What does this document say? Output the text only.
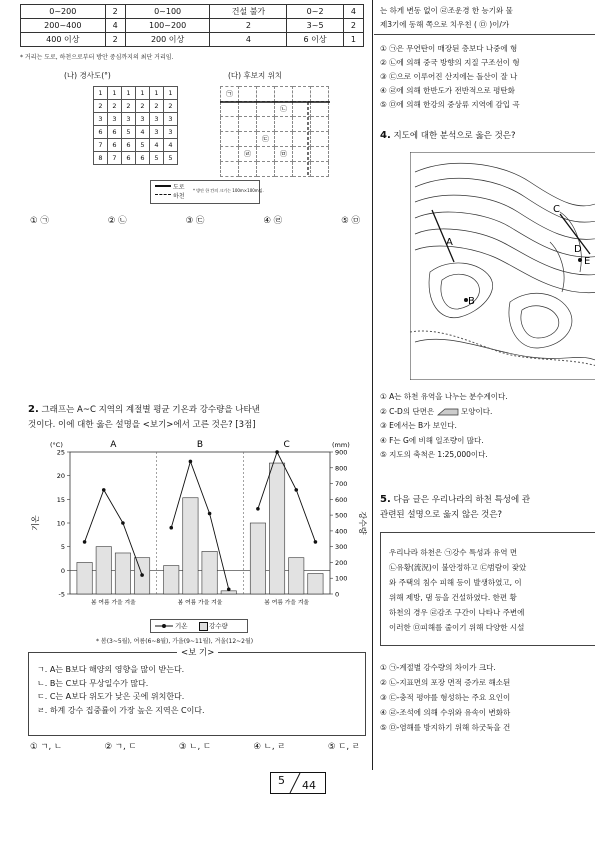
0~200	2	0~100	건설 불가	0~2	4
200~400	4	100~200	2	3~5	2
400 이상	2	200 이상	4	6 이상	1
* 거리는 도로, 하천으로부터 방안 중심까지의 최단 거리임.
(나) 경사도(°)
1	1	1	1	1	1
2	2	2	2	2	2
3	3	3	3	3	3
6	6	5	4	3	3
7	6	6	5	4	4
8	7	6	6	5	5
(다) 후보지 위치
㉠					
			㉡		

		㉢			
	㉣		㉤		

도로
하천
* 방안 한 칸의 크기는 100m×100m임.
① ㉠	② ㉡	③ ㉢	④ ㉣	⑤ ㉤
2. 그래프는 A~C 지역의 계절별 평균 기온과 강수량을 나타낸
것이다. 이에 대한 옳은 설명을 <보기>에서 고른 것은? [3점]
25
20
15
10
5
0
-5
900
800
700
600
500
400
300
200
100
0
(°C)	(mm)
기온	강수량
A
봄 여름 가을 겨울
B
봄 여름 가을 겨울
C
봄 여름 가을 겨울
기온	강수량
* 봄(3~5월), 여름(6~8월), 가을(9~11월), 겨울(12~2월)
<보 기>
ㄱ. A는 B보다 해양의 영향을 많이 받는다.
ㄴ. B는 C보다 무상일수가 많다.
ㄷ. C는 A보다 위도가 낮은 곳에 위치한다.
ㄹ. 하계 강수 집중률이 가장 높은 지역은 C이다.
① ㄱ, ㄴ	② ㄱ, ㄷ	③ ㄴ, ㄷ	④ ㄴ, ㄹ	⑤ ㄷ, ㄹ
5 44
는 하게 변동 없이 ㉣조운경 한 능기와 물
제3기에 동해 쪽으로 치우친 ( ㉤ )이/가
① ㉠은 무연탄이 매장된 층보다 나중에 형
② ㉡에 의해 중국 방향의 지질 구조선이 형
③ ㉢으로 이루어진 산지에는 돌산이 잘 나
④ ㉣에 의해 한반도가 전반적으로 평탄화
⑤ ㉤에 의해 한강의 중상류 지역에 감입 곡
4. 지도에 대한 분석으로 옳은 것은?
A
B
C
D
E
① A는 하천 유역을 나누는 분수계이다.
② C-D의 단면은	모양이다.
③ E에서는 B가 보인다.
④ F는 G에 비해 일조량이 많다.
⑤ 지도의 축척은 1:25,000이다.
5. 다음 글은 우리나라의 하천 특성에 관
관련된 설명으로 옳지 않은 것은?
우리나라 하천은 ㉠강수 특성과 유역 면
㉡유황(流況)이 불안정하고 ㉢범람이 잦았
와 주택의 침수 피해 등이 발생하였고, 이
위해 제방, 댐 등을 건설하였다. 한편 황
하천의 경우 ㉣감조 구간이 나타나 주변에
이러한 ㉤피해를 줄이기 위해 다양한 시설
① ㉠-계절별 강수량의 차이가 크다.
② ㉡-지표면의 포장 면적 증가로 해소된
③ ㉢-충적 평야를 형성하는 주요 요인이
④ ㉣-조석에 의해 수위와 유속이 변화하
⑤ ㉤-염해를 방지하기 위해 하굿둑을 건
